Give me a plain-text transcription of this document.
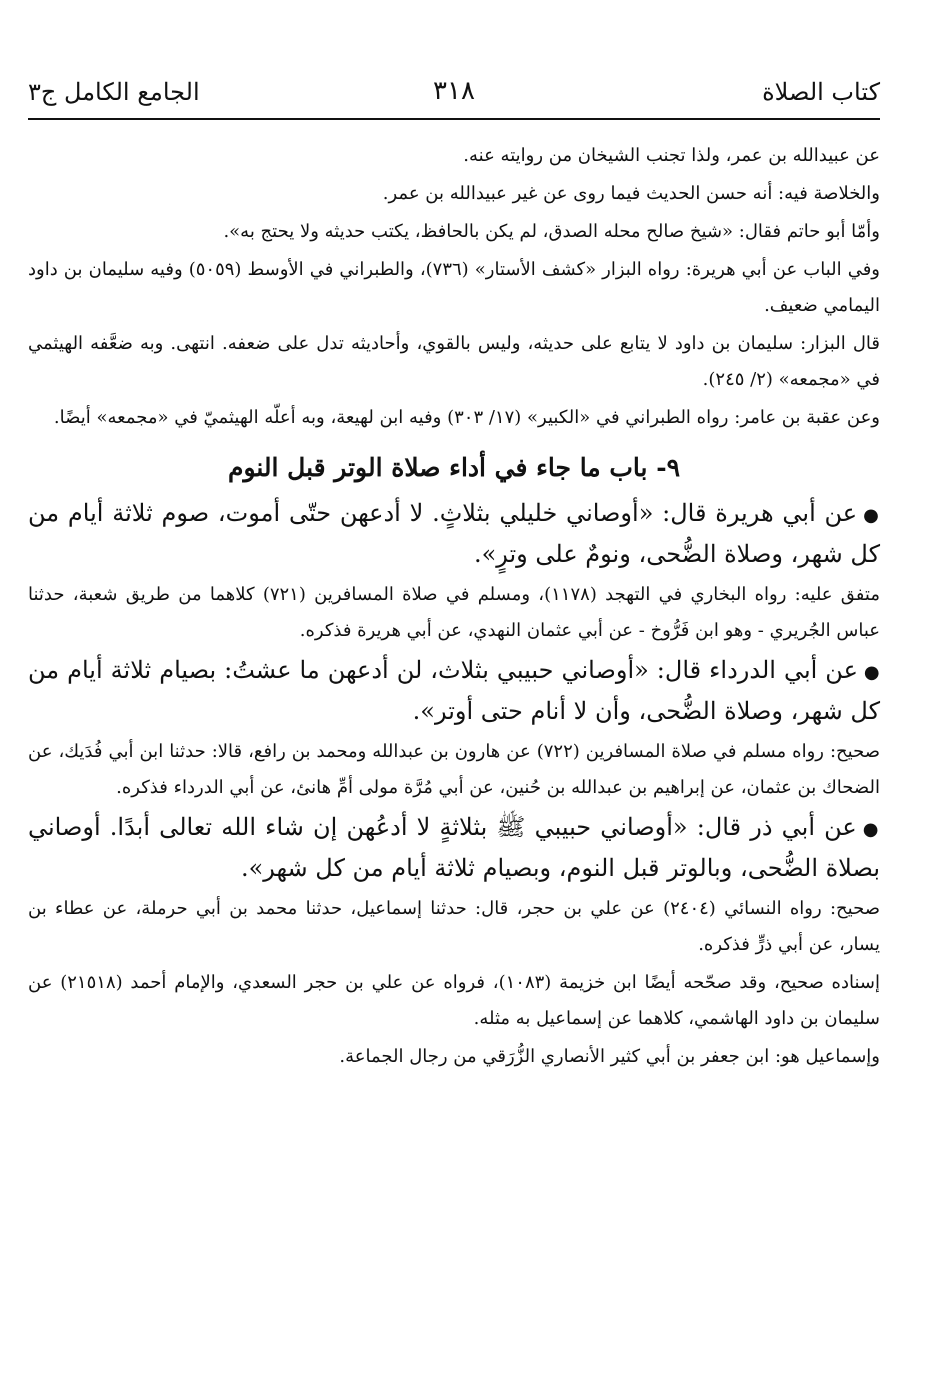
كتاب الصلاة
٣١٨
الجامع الكامل ج٣

عن عبيدالله بن عمر، ولذا تجنب الشيخان من روايته عنه.

والخلاصة فيه: أنه حسن الحديث فيما روى عن غير عبيدالله بن عمر.

وأمّا أبو حاتم فقال: «شيخ صالح محله الصدق، لم يكن بالحافظ، يكتب حديثه ولا يحتج به».

وفي الباب عن أبي هريرة: رواه البزار «كشف الأستار» (٧٣٦)، والطبراني في الأوسط (٥٠٥٩) وفيه سليمان بن داود اليمامي ضعيف.

قال البزار: سليمان بن داود لا يتابع على حديثه، وليس بالقوي، وأحاديثه تدل على ضعفه. انتهى. وبه ضعَّفه الهيثمي في «مجمعه» (٢/ ٢٤٥).

وعن عقبة بن عامر: رواه الطبراني في «الكبير» (١٧/ ٣٠٣) وفيه ابن لهيعة، وبه أعلّه الهيثميّ في «مجمعه» أيضًا.

٩- باب ما جاء في أداء صلاة الوتر قبل النوم

●عن أبي هريرة قال: «أوصاني خليلي بثلاثٍ. لا أدعهن حتّى أموت، صوم ثلاثة أيام من كل شهر، وصلاة الضُّحى، ونومٌ على وترٍ».

متفق عليه: رواه البخاري في التهجد (١١٧٨)، ومسلم في صلاة المسافرين (٧٢١) كلاهما من طريق شعبة، حدثنا عباس الجُريري - وهو ابن فَرُّوخ - عن أبي عثمان النهدي، عن أبي هريرة فذكره.

●عن أبي الدرداء قال: «أوصاني حبيبي بثلاث، لن أدعهن ما عشتُ: بصيام ثلاثة أيام من كل شهر، وصلاة الضُّحى، وأن لا أنام حتى أوتر».

صحيح: رواه مسلم في صلاة المسافرين (٧٢٢) عن هارون بن عبدالله ومحمد بن رافع، قالا: حدثنا ابن أبي فُدَيك، عن الضحاك بن عثمان، عن إبراهيم بن عبدالله بن حُنين، عن أبي مُرَّة مولى أمِّ هانئ، عن أبي الدرداء فذكره.

●عن أبي ذر قال: «أوصاني حبيبي ﷺ بثلاثةٍ لا أدعُهن إن شاء الله تعالى أبدًا. أوصاني بصلاة الضُّحى، وبالوتر قبل النوم، وبصيام ثلاثة أيام من كل شهر».

صحيح: رواه النسائي (٢٤٠٤) عن علي بن حجر، قال: حدثنا إسماعيل، حدثنا محمد بن أبي حرملة، عن عطاء بن يسار، عن أبي ذرٍّ فذكره.

إسناده صحيح، وقد صحّحه أيضًا ابن خزيمة (١٠٨٣)، فرواه عن علي بن حجر السعدي، والإمام أحمد (٢١٥١٨) عن سليمان بن داود الهاشمي، كلاهما عن إسماعيل به مثله.

وإسماعيل هو: ابن جعفر بن أبي كثير الأنصاري الزُّرَقي من رجال الجماعة.
